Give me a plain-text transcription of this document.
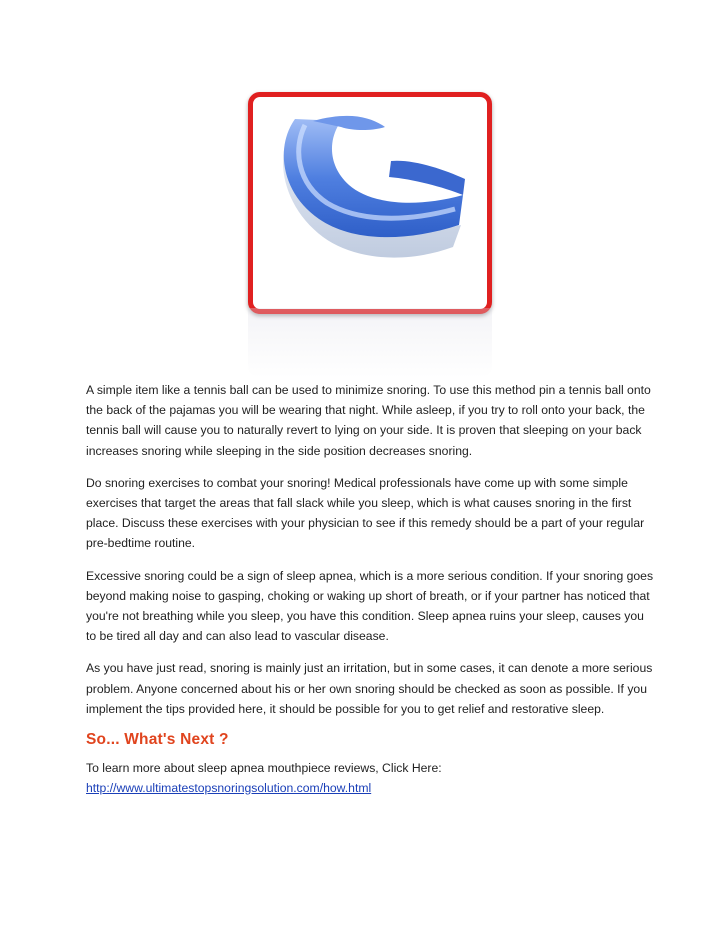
A simple item like a tennis ball can be used to minimize snoring. To use this method pin a tennis ball onto the back of the pajamas you will be wearing that night. While asleep, if you try to roll onto your back, the tennis ball will cause you to naturally revert to lying on your side. It is proven that sleeping on your back increases snoring while sleeping in the side position decreases snoring.

Do snoring exercises to combat your snoring! Medical professionals have come up with some simple exercises that target the areas that fall slack while you sleep, which is what causes snoring in the first place. Discuss these exercises with your physician to see if this remedy should be a part of your regular pre-bedtime routine.

Excessive snoring could be a sign of sleep apnea, which is a more serious condition. If your snoring goes beyond making noise to gasping, choking or waking up short of breath, or if your partner has noticed that you're not breathing while you sleep, you have this condition. Sleep apnea ruins your sleep, causes you to be tired all day and can also lead to vascular disease.

As you have just read, snoring is mainly just an irritation, but in some cases, it can denote a more serious problem. Anyone concerned about his or her own snoring should be checked as soon as possible. If you implement the tips provided here, it should be possible for you to get relief and restorative sleep.

So... What's Next ?

To learn more about sleep apnea mouthpiece reviews, Click Here:

http://www.ultimatestopsnoringsolution.com/how.html
